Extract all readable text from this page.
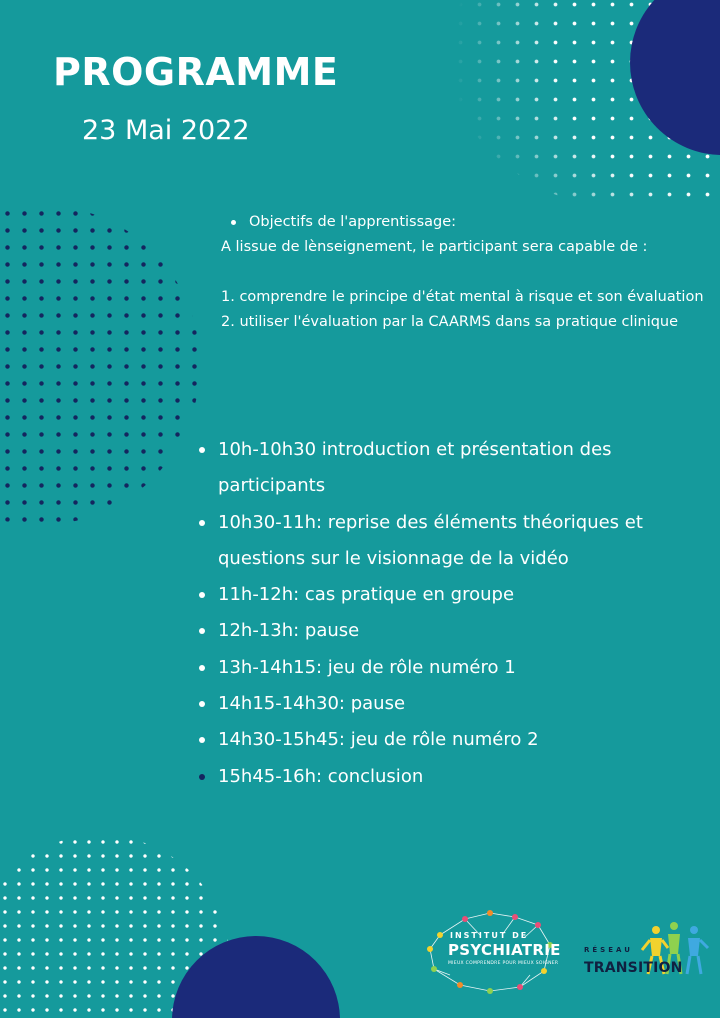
PROGRAMME
23 Mai 2022
Objectifs de l'apprentissage:
A lissue de lènseignement, le participant sera capable de :
1. comprendre le principe d'état mental à risque et son évaluation
2. utiliser l'évaluation par la CAARMS dans sa pratique clinique
10h-10h30 introduction et présentation des participants
10h30-11h: reprise des éléments théoriques et questions sur le visionnage de la vidéo
11h-12h: cas pratique en groupe
12h-13h: pause
13h-14h15: jeu de rôle numéro 1
14h15-14h30: pause
14h30-15h45: jeu de rôle numéro 2
15h45-16h: conclusion
INSTITUT DE
PSYCHIATRIE
MIEUX COMPRENDRE POUR MIEUX SOIGNER
RÉSEAU
TRANSITION
